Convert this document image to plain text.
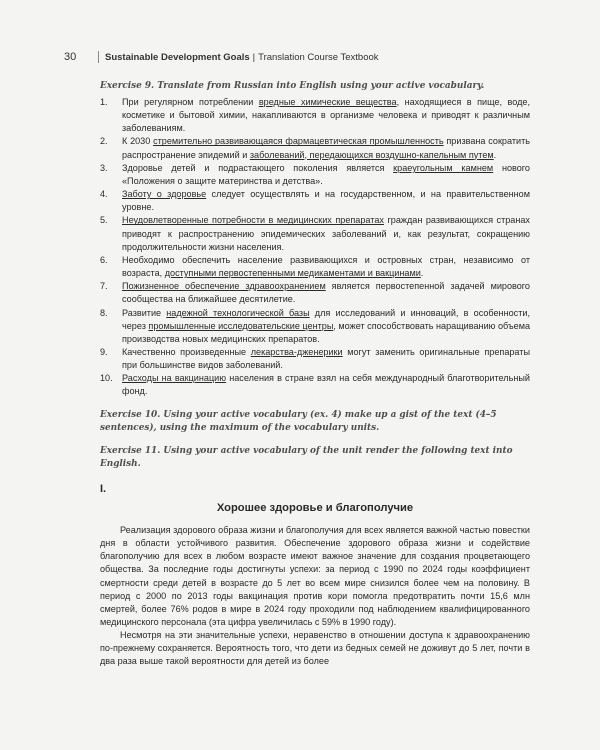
30	Sustainable Development Goals | Translation Course Textbook
Exercise 9. Translate from Russian into English using your active vocabulary.
1.	При регулярном потреблении вредные химические вещества, находящиеся в пище, воде, косметике и бытовой химии, накапливаются в организме человека и приводят к различным заболеваниям.
2.	К 2030 стремительно развивающаяся фармацевтическая промышленность призвана сократить распространение эпидемий и заболеваний, передающихся воздушно-капельным путем.
3.	Здоровье детей и подрастающего поколения является краеугольным камнем нового «Положения о защите материнства и детства».
4.	Заботу о здоровье следует осуществлять и на государственном, и на правительственном уровне.
5.	Неудовлетворенные потребности в медицинских препаратах граждан развивающихся странах приводят к распространению эпидемических заболеваний и, как результат, сокращению продолжительности жизни населения.
6.	Необходимо обеспечить население развивающихся и островных стран, независимо от возраста, доступными первостепенными медикаментами и вакцинами.
7.	Пожизненное обеспечение здравоохранением является первостепенной задачей мирового сообщества на ближайшее десятилетие.
8.	Развитие надежной технологической базы для исследований и инноваций, в особенности, через промышленные исследовательские центры, может способствовать наращиванию объема производства новых медицинских препаратов.
9.	Качественно произведенные лекарства-дженерики могут заменить оригинальные препараты при большинстве видов заболеваний.
10.	Расходы на вакцинацию населения в стране взял на себя международный благотворительный фонд.
Exercise 10. Using your active vocabulary (ex. 4) make up a gist of the text (4–5 sentences), using the maximum of the vocabulary units.
Exercise 11. Using your active vocabulary of the unit render the following text into English.
I.
Хорошее здоровье и благополучие
Реализация здорового образа жизни и благополучия для всех является важной частью повестки дня в области устойчивого развития. Обеспечение здорового образа жизни и содействие благополучию для всех в любом возрасте имеют важное значение для создания процветающего общества. За последние годы достигнуты успехи: за период с 1990 по 2024 годы коэффициент смертности среди детей в возрасте до 5 лет во всем мире снизился более чем на половину. В период с 2000 по 2013 годы вакцинация против кори помогла предотвратить почти 15,6 млн смертей, более 76% родов в мире в 2024 году проходили под наблюдением квалифицированного медицинского персонала (эта цифра увеличилась с 59% в 1990 году).
Несмотря на эти значительные успехи, неравенство в отношении доступа к здравоохранению по-прежнему сохраняется. Вероятность того, что дети из бедных семей не доживут до 5 лет, почти в два раза выше такой вероятности для детей из более
